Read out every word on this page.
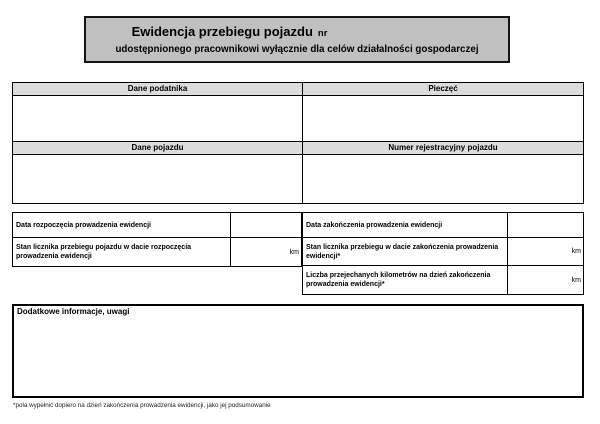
Ewidencja przebiegu pojazdu nr
udostępnionego pracownikowi wyłącznie dla celów działalności gospodarczej
Dane podatnika	Pieczęć
Dane pojazdu	Numer rejestracyjny pojazdu
Data rozpoczęcia prowadzenia ewidencji
Stan licznika przebiegu pojazdu w dacie rozpoczęcia prowadzenia ewidencji
km
Data zakończenia prowadzenia ewidencji
Stan licznika przebiegu w dacie zakończenia prowadzenia ewidencji*
km
Liczba przejechanych kilometrów na dzień zakończenia prowadzenia ewidencji*
km
Dodatkowe informacje, uwagi
*pola wypełnić dopiero na dzień zakończenia prowadzenia ewidencji, jako jej podsumowanie
